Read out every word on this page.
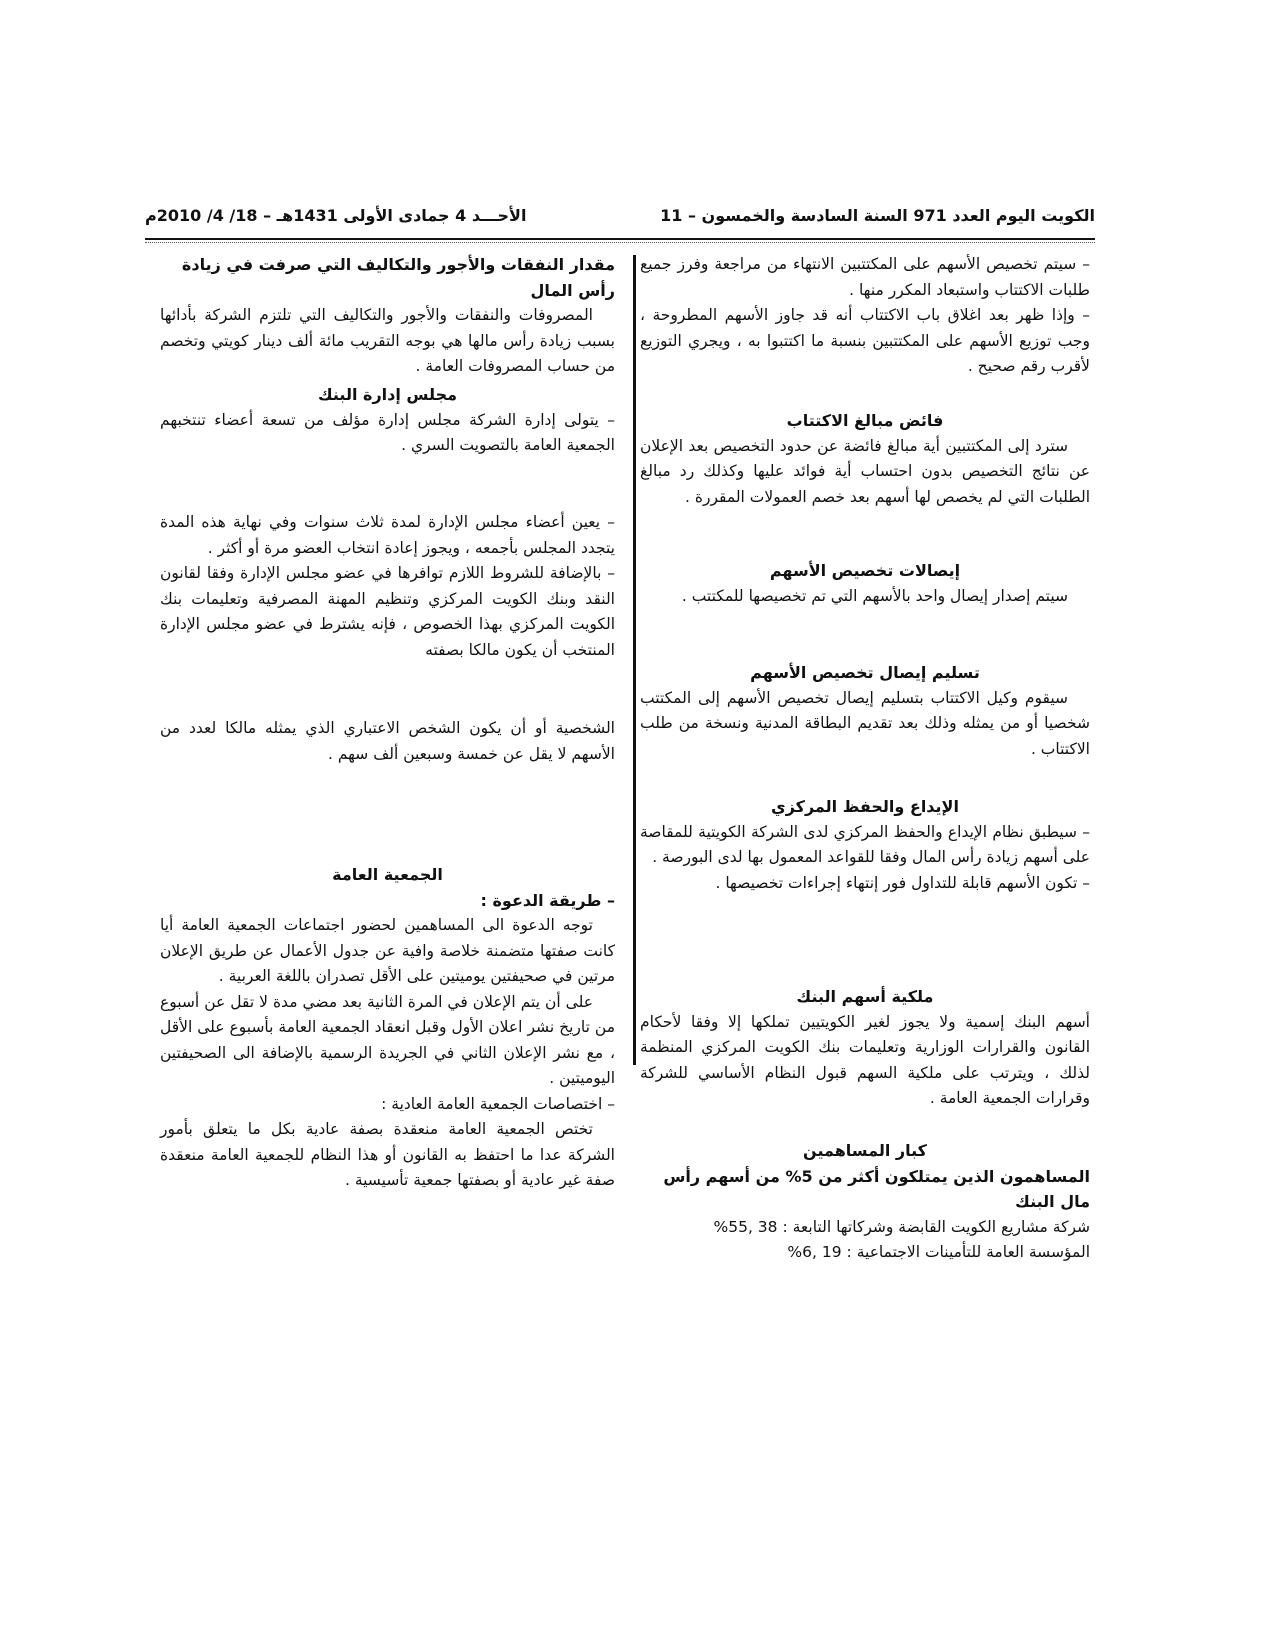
الكويت اليوم العدد 971 السنة السادسة والخمسون – 11
الأحـــد 4 جمادى الأولى 1431هـ – 18/ 4/ 2010م

– سيتم تخصيص الأسهم على المكتتبين الانتهاء من مراجعة وفرز جميع طلبات الاكتتاب واستبعاد المكرر منها .

– وإذا ظهر بعد اغلاق باب الاكتتاب أنه قد جاوز الأسهم المطروحة ، وجب توزيع الأسهم على المكتتبين بنسبة ما اكتتبوا به ، ويجري التوزيع لأقرب رقم صحيح .

فائض مبالغ الاكتتاب

سترد إلى المكتتبين أية مبالغ فائضة عن حدود التخصيص بعد الإعلان عن نتائج التخصيص بدون احتساب أية فوائد عليها وكذلك رد مبالغ الطلبات التي لم يخصص لها أسهم بعد خصم العمولات المقررة .

إيصالات تخصيص الأسهم

سيتم إصدار إيصال واحد بالأسهم التي تم تخصيصها للمكتتب .

تسليم إيصال تخصيص الأسهم

سيقوم وكيل الاكتتاب بتسليم إيصال تخصيص الأسهم إلى المكتتب شخصيا أو من يمثله وذلك بعد تقديم البطاقة المدنية ونسخة من طلب الاكتتاب .

الإيداع والحفظ المركزي

– سيطبق نظام الإيداع والحفظ المركزي لدى الشركة الكويتية للمقاصة على أسهم زيادة رأس المال وفقا للقواعد المعمول بها لدى البورصة .

– تكون الأسهم قابلة للتداول فور إنتهاء إجراءات تخصيصها .

ملكية أسهم البنك

أسهم البنك إسمية ولا يجوز لغير الكويتيين تملكها إلا وفقا لأحكام القانون والقرارات الوزارية وتعليمات بنك الكويت المركزي المنظمة لذلك ، ويترتب على ملكية السهم قبول النظام الأساسي للشركة وقرارات الجمعية العامة .

كبار المساهمين

المساهمون الذين يمتلكون أكثر من 5% من أسهم رأس مال البنك

شركة مشاريع الكويت القابضة وشركاتها التابعة : 38 ,55%

المؤسسة العامة للتأمينات الاجتماعية : 19 ,6%

مقدار النفقات والأجور والتكاليف التي صرفت في زيادة رأس المال

المصروفات والنفقات والأجور والتكاليف التي تلتزم الشركة بأدائها بسبب زيادة رأس مالها هي بوجه التقريب مائة ألف دينار كويتي وتخصم من حساب المصروفات العامة .

مجلس إدارة البنك

– يتولى إدارة الشركة مجلس إدارة مؤلف من تسعة أعضاء تنتخبهم الجمعية العامة بالتصويت السري .

– يعين أعضاء مجلس الإدارة لمدة ثلاث سنوات وفي نهاية هذه المدة يتجدد المجلس بأجمعه ، ويجوز إعادة انتخاب العضو مرة أو أكثر .

– بالإضافة للشروط اللازم توافرها في عضو مجلس الإدارة وفقا لقانون النقد وبنك الكويت المركزي وتنظيم المهنة المصرفية وتعليمات بنك الكويت المركزي بهذا الخصوص ، فإنه يشترط في عضو مجلس الإدارة المنتخب أن يكون مالكا بصفته

الشخصية أو أن يكون الشخص الاعتباري الذي يمثله مالكا لعدد من الأسهم لا يقل عن خمسة وسبعين ألف سهم .

الجمعية العامة

– طريقة الدعوة :

توجه الدعوة الى المساهمين لحضور اجتماعات الجمعية العامة أيا كانت صفتها متضمنة خلاصة وافية عن جدول الأعمال عن طريق الإعلان مرتين في صحيفتين يوميتين على الأقل تصدران باللغة العربية .

على أن يتم الإعلان في المرة الثانية بعد مضي مدة لا تقل عن أسبوع من تاريخ نشر اعلان الأول وقبل انعقاد الجمعية العامة بأسبوع على الأقل ، مع نشر الإعلان الثاني في الجريدة الرسمية بالإضافة الى الصحيفتين اليوميتين .

– اختصاصات الجمعية العامة العادية :

تختص الجمعية العامة منعقدة بصفة عادية بكل ما يتعلق بأمور الشركة عدا ما احتفظ به القانون أو هذا النظام للجمعية العامة منعقدة صفة غير عادية أو بصفتها جمعية تأسيسية .
